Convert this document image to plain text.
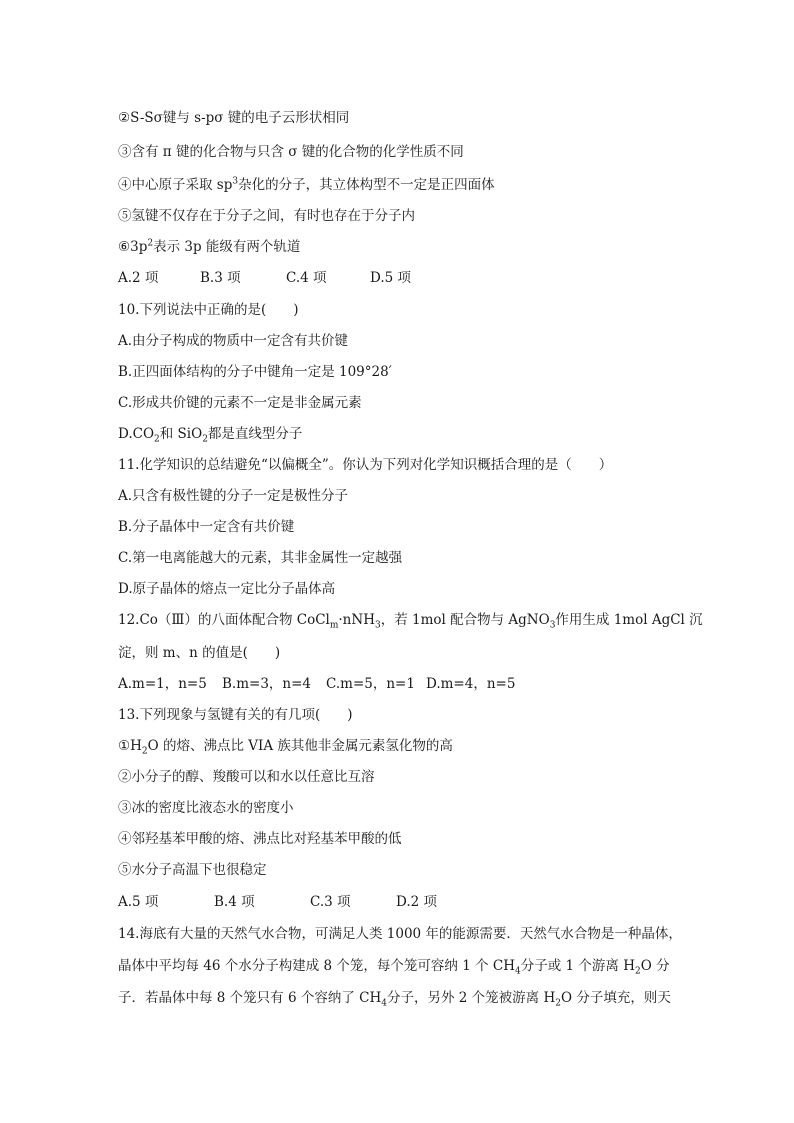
②S-Sσ键与 s-pσ 键的电子云形状相同
③含有 π 键的化合物与只含 σ 键的化合物的化学性质不同
④中心原子采取 $sp^3$杂化的分子，其立体构型不一定是正四面体
⑤氢键不仅存在于分子之间，有时也存在于分子内
$⑥3p^2$表示 3p 能级有两个轨道
A.2 项	B.3 项	C.4 项	D.5 项
10.下列说法中正确的是(　　)
A.由分子构成的物质中一定含有共价键
B.正四面体结构的分子中键角一定是 109°28′
C.形成共价键的元素不一定是非金属元素
$D.CO_2$和 SiO$_2$都是直线型分子
11.化学知识的总结避免“以偏概全”。你认为下列对化学知识概括合理的是（　　）
A.只含有极性键的分子一定是极性分子
B.分子晶体中一定含有共价键
C.第一电离能越大的元素，其非金属性一定越强
D.原子晶体的熔点一定比分子晶体高
12.Co（Ⅲ）的八面体配合物 CoCl$_m$·nNH$_3$，若 1mol 配合物与 AgNO$_3$作用生成 1mol AgCl 沉
淀，则 m、n 的值是(　　)
A.m=1，n=5	B.m=3，n=4	C.m=5，n=1 D.m=4，n=5
13.下列现象与氢键有关的有几项(　　)
$①H_2O$ 的熔、沸点比 VIA 族其他非金属元素氢化物的高
②小分子的醇、羧酸可以和水以任意比互溶
③冰的密度比液态水的密度小
④邻羟基苯甲酸的熔、沸点比对羟基苯甲酸的低
⑤水分子高温下也很稳定
A.5 项	B.4 项	C.3 项	D.2 项
14.海底有大量的天然气水合物，可满足人类 1000 年的能源需要．天然气水合物是一种晶体，
晶体中平均每 46 个水分子构建成 8 个笼，每个笼可容纳 1 个 $CH_4$分子或 1 个游离 $H_2O$ 分
子．若晶体中每 8 个笼只有 6 个容纳了 $CH_4$分子，另外 2 个笼被游离 $H_2O$ 分子填充，则天
